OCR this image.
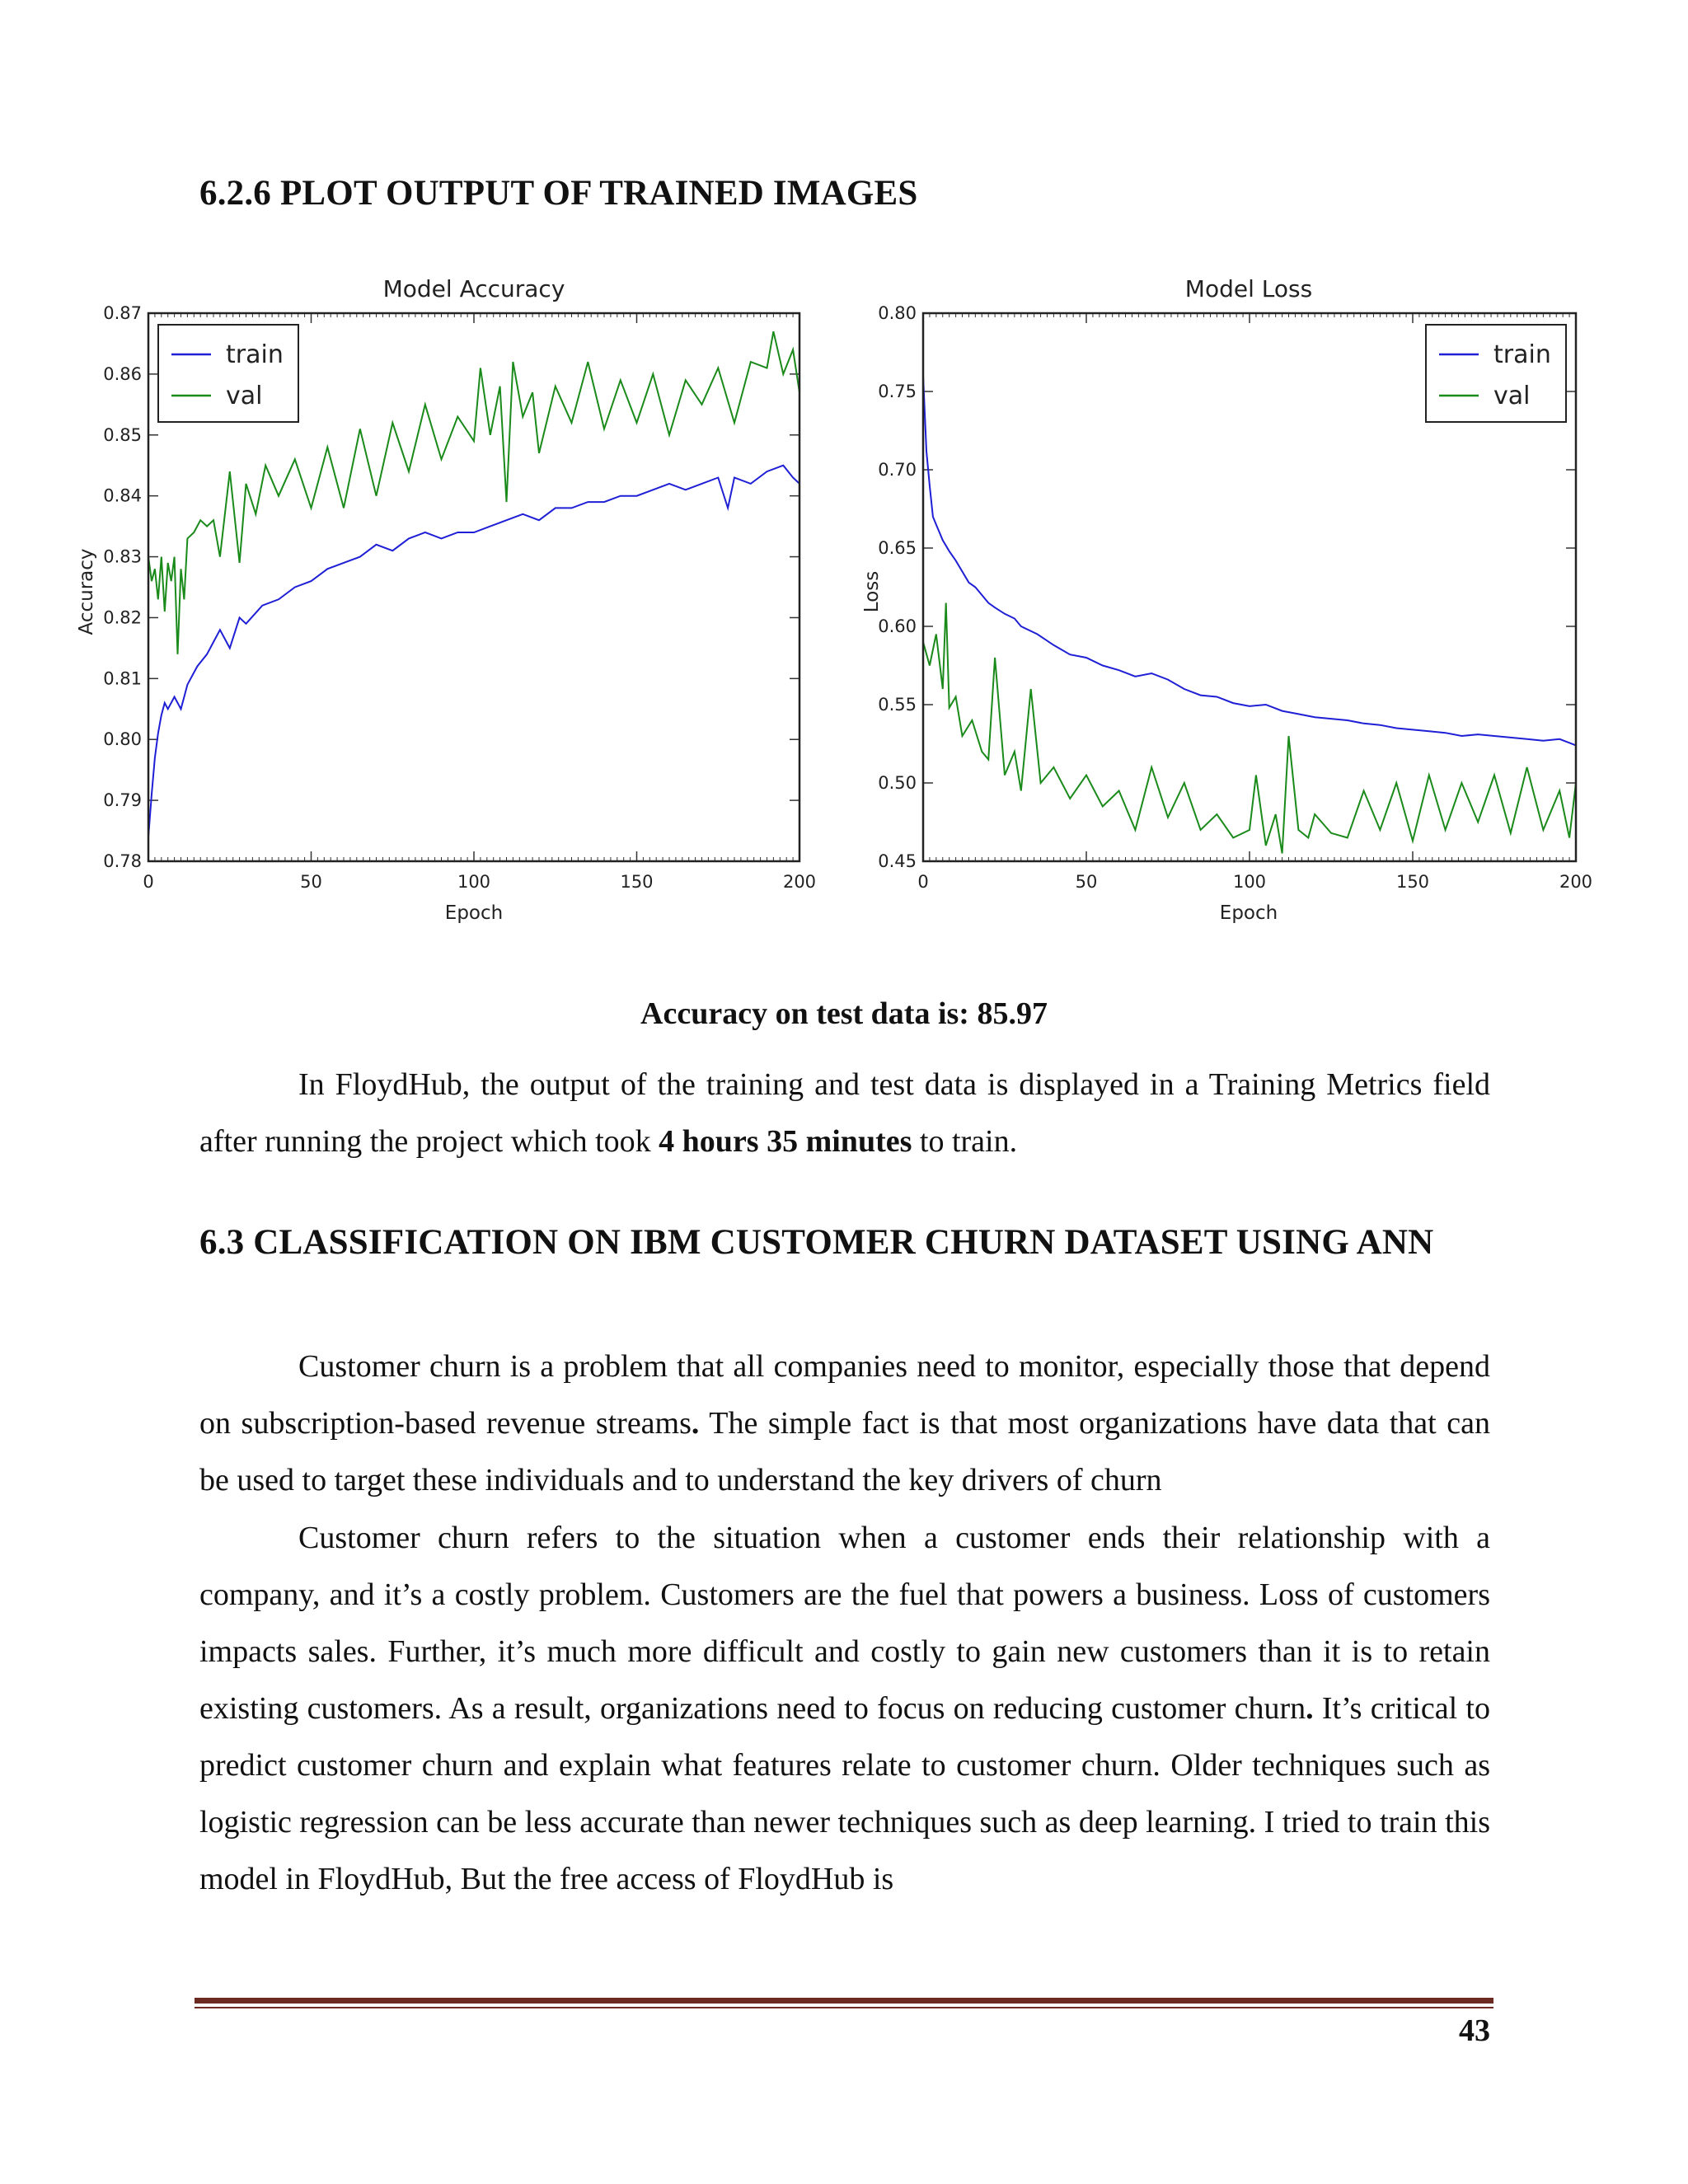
6.2.6 PLOT OUTPUT OF TRAINED IMAGES
Model Accuracy
Epoch
Accuracy
0	50	100	150	200
0.78
0.79
0.80
0.81
0.82
0.83
0.84
0.85
0.86
0.87
train
val
Model Loss
Epoch
Loss
0	50	100	150	200
0.45
0.50
0.55
0.60
0.65
0.70
0.75
0.80
train
val
Accuracy on test data is: 85.97

In FloydHub, the output of the training and test data is displayed in a Training Metrics field after running the project which took 4 hours 35 minutes to train.

6.3 CLASSIFICATION ON IBM CUSTOMER CHURN DATASET USING ANN

Customer churn is a problem that all companies need to monitor, especially those that depend on subscription-based revenue streams. The simple fact is that most organizations have data that can be used to target these individuals and to understand the key drivers of churn

Customer churn refers to the situation when a customer ends their relationship with a company, and it’s a costly problem. Customers are the fuel that powers a business. Loss of customers impacts sales. Further, it’s much more difficult and costly to gain new customers than it is to retain existing customers. As a result, organizations need to focus on reducing customer churn. It’s critical to predict customer churn and explain what features relate to customer churn. Older techniques such as logistic regression can be less accurate than newer techniques such as deep learning. I tried to train this model in FloydHub, But the free access of FloydHub is

43
